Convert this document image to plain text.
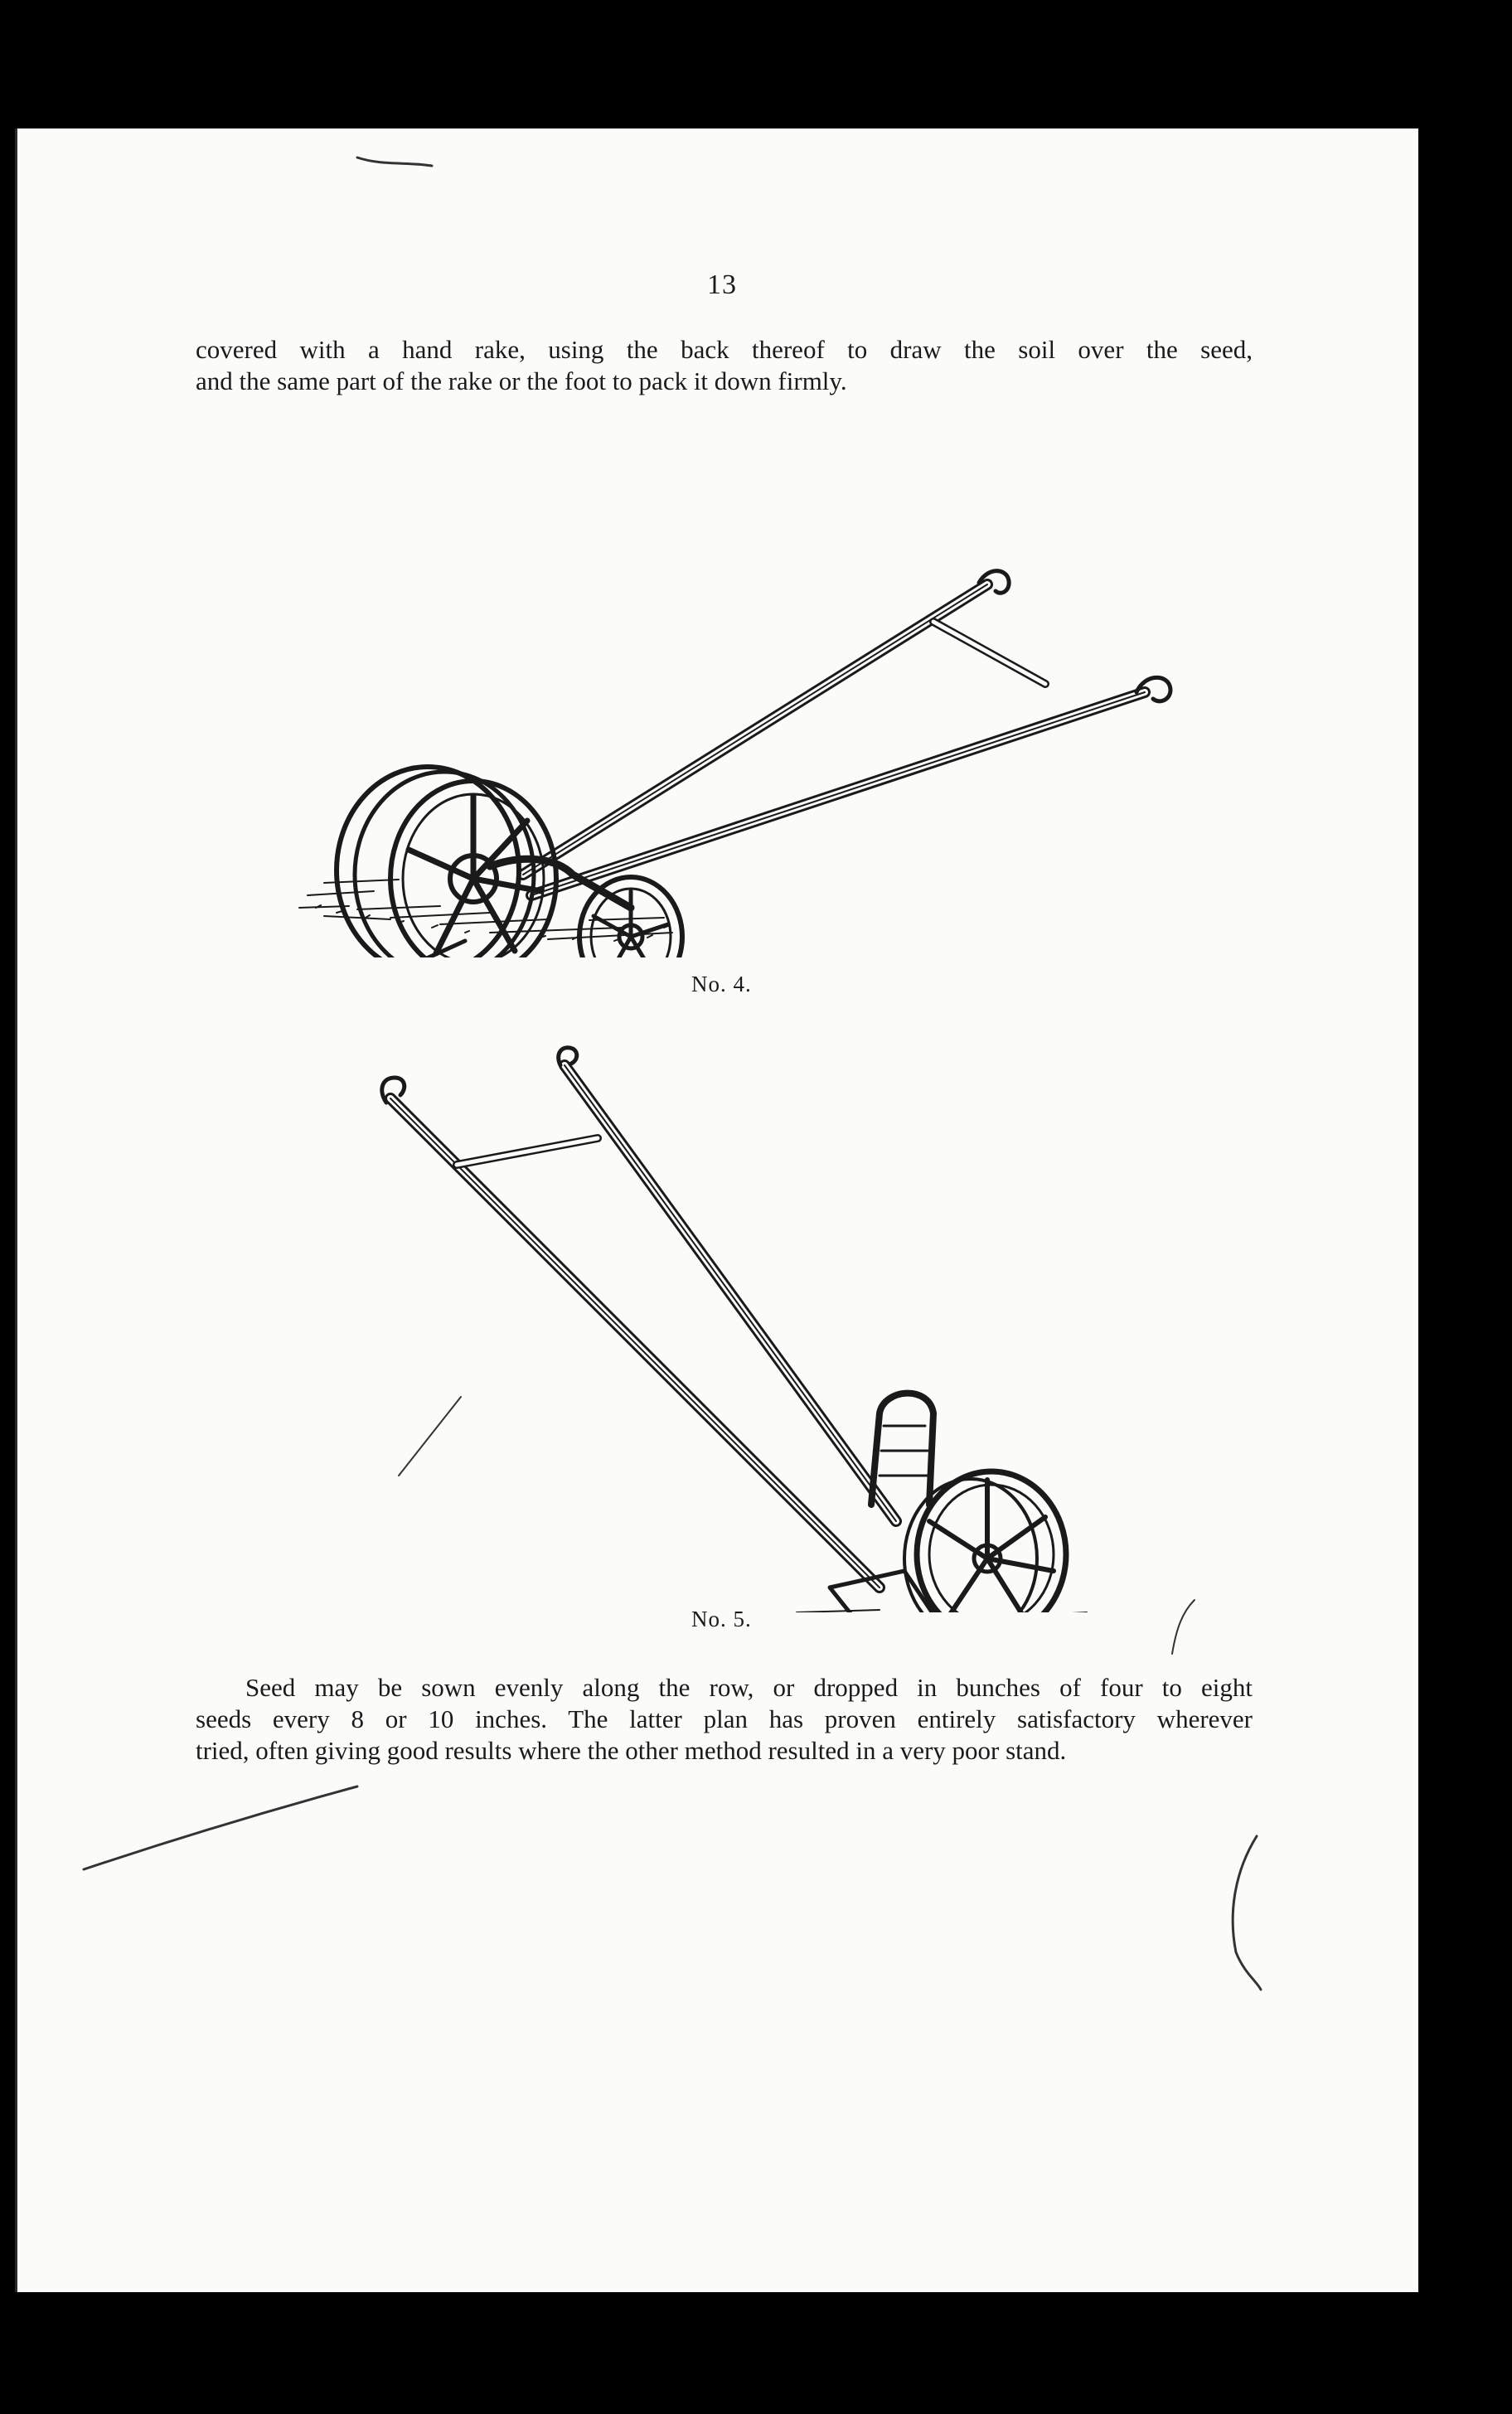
13

covered with a hand rake, using the back thereof to draw the soil over the seed,

and the same part of the rake or the foot to pack it down firmly.

No. 4.
No. 5.

Seed may be sown evenly along the row, or dropped in bunches of four to eight

seeds every 8 or 10 inches. The latter plan has proven entirely satisfactory wherever

tried, often giving good results where the other method resulted in a very poor stand.
